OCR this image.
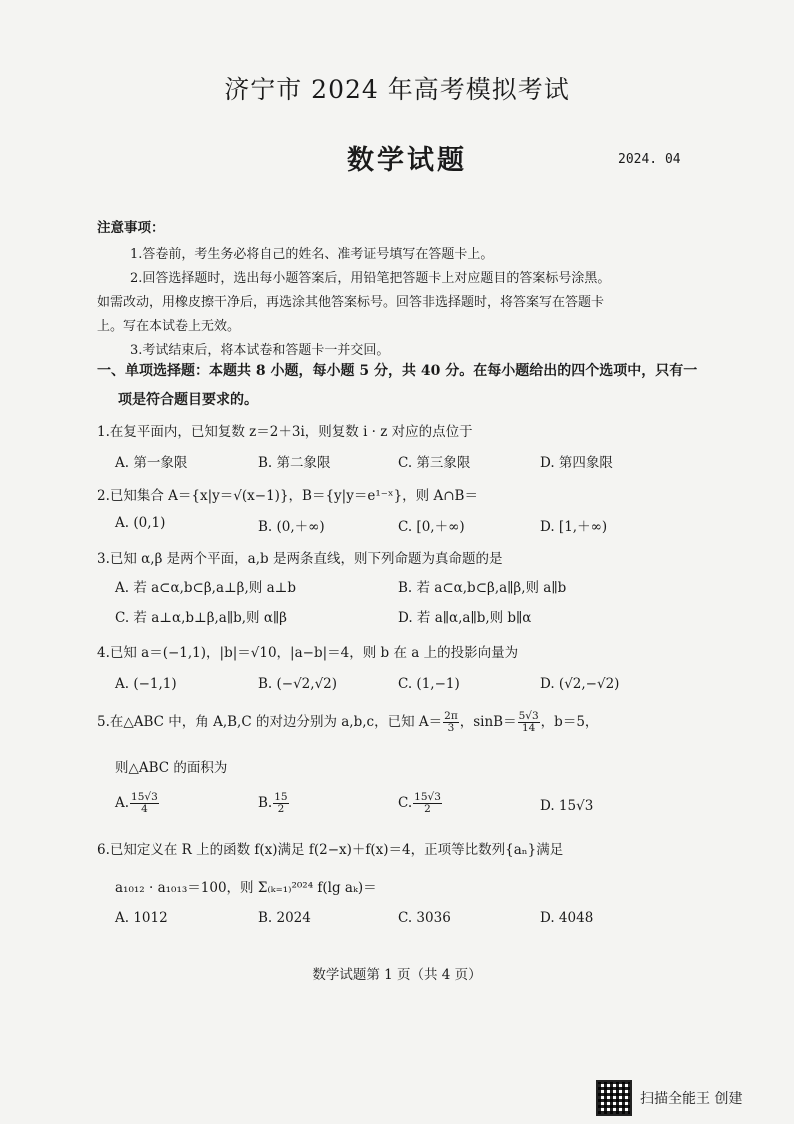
济宁市 2024 年高考模拟考试
数学试题	2024. 04
注意事项：
1.答卷前，考生务必将自己的姓名、准考证号填写在答题卡上。
2.回答选择题时，选出每小题答案后，用铅笔把答题卡上对应题目的答案标号涂黑。
如需改动，用橡皮擦干净后，再选涂其他答案标号。回答非选择题时，将答案写在答题卡
上。写在本试卷上无效。
3.考试结束后，将本试卷和答题卡一并交回。
一、单项选择题：本题共 8 小题，每小题 5 分，共 40 分。在每小题给出的四个选项中，只有一
项是符合题目要求的。
1.在复平面内，已知复数 z＝2＋3i，则复数 i · z 对应的点位于
A. 第一象限	B. 第二象限	C. 第三象限	D. 第四象限
2.已知集合 A＝{x|y＝√(x−1)}，B＝{y|y＝e¹⁻ˣ}，则 A∩B＝
A. (0,1)	B. (0,＋∞)	C. [0,＋∞)	D. [1,＋∞)
3.已知 α,β 是两个平面，a,b 是两条直线，则下列命题为真命题的是
A. 若 a⊂α,b⊂β,a⊥β,则 a⊥b	B. 若 a⊂α,b⊂β,a∥β,则 a∥b
C. 若 a⊥α,b⊥β,a∥b,则 α∥β	D. 若 a∥α,a∥b,则 b∥α
4.已知 a＝(−1,1)，|b|＝√10，|a−b|＝4，则 b 在 a 上的投影向量为
A. (−1,1)	B. (−√2,√2)	C. (1,−1)	D. (√2,−√2)
5.在△ABC 中，角 A,B,C 的对边分别为 a,b,c，已知 $A= \frac{2\pi}{3}$ ，$\sin B= \frac{5√3}{14}$ ，b＝5，
则△ABC 的面积为
A. $\frac{15√3}{4}$	B. $\frac{15}{2}$	C. $\frac{15√3}{2}$	D. 15√3
6.已知定义在 R 上的函数 f(x)满足 f(2−x)＋f(x)＝4，正项等比数列{aₙ}满足
a₁₀₁₂ · a₁₀₁₃＝100，则 Σ₍ₖ₌₁₎²⁰²⁴ f(lg aₖ)＝
A. 1012	B. 2024	C. 3036	D. 4048
数学试题第 1 页（共 4 页）
扫描全能王 创建
